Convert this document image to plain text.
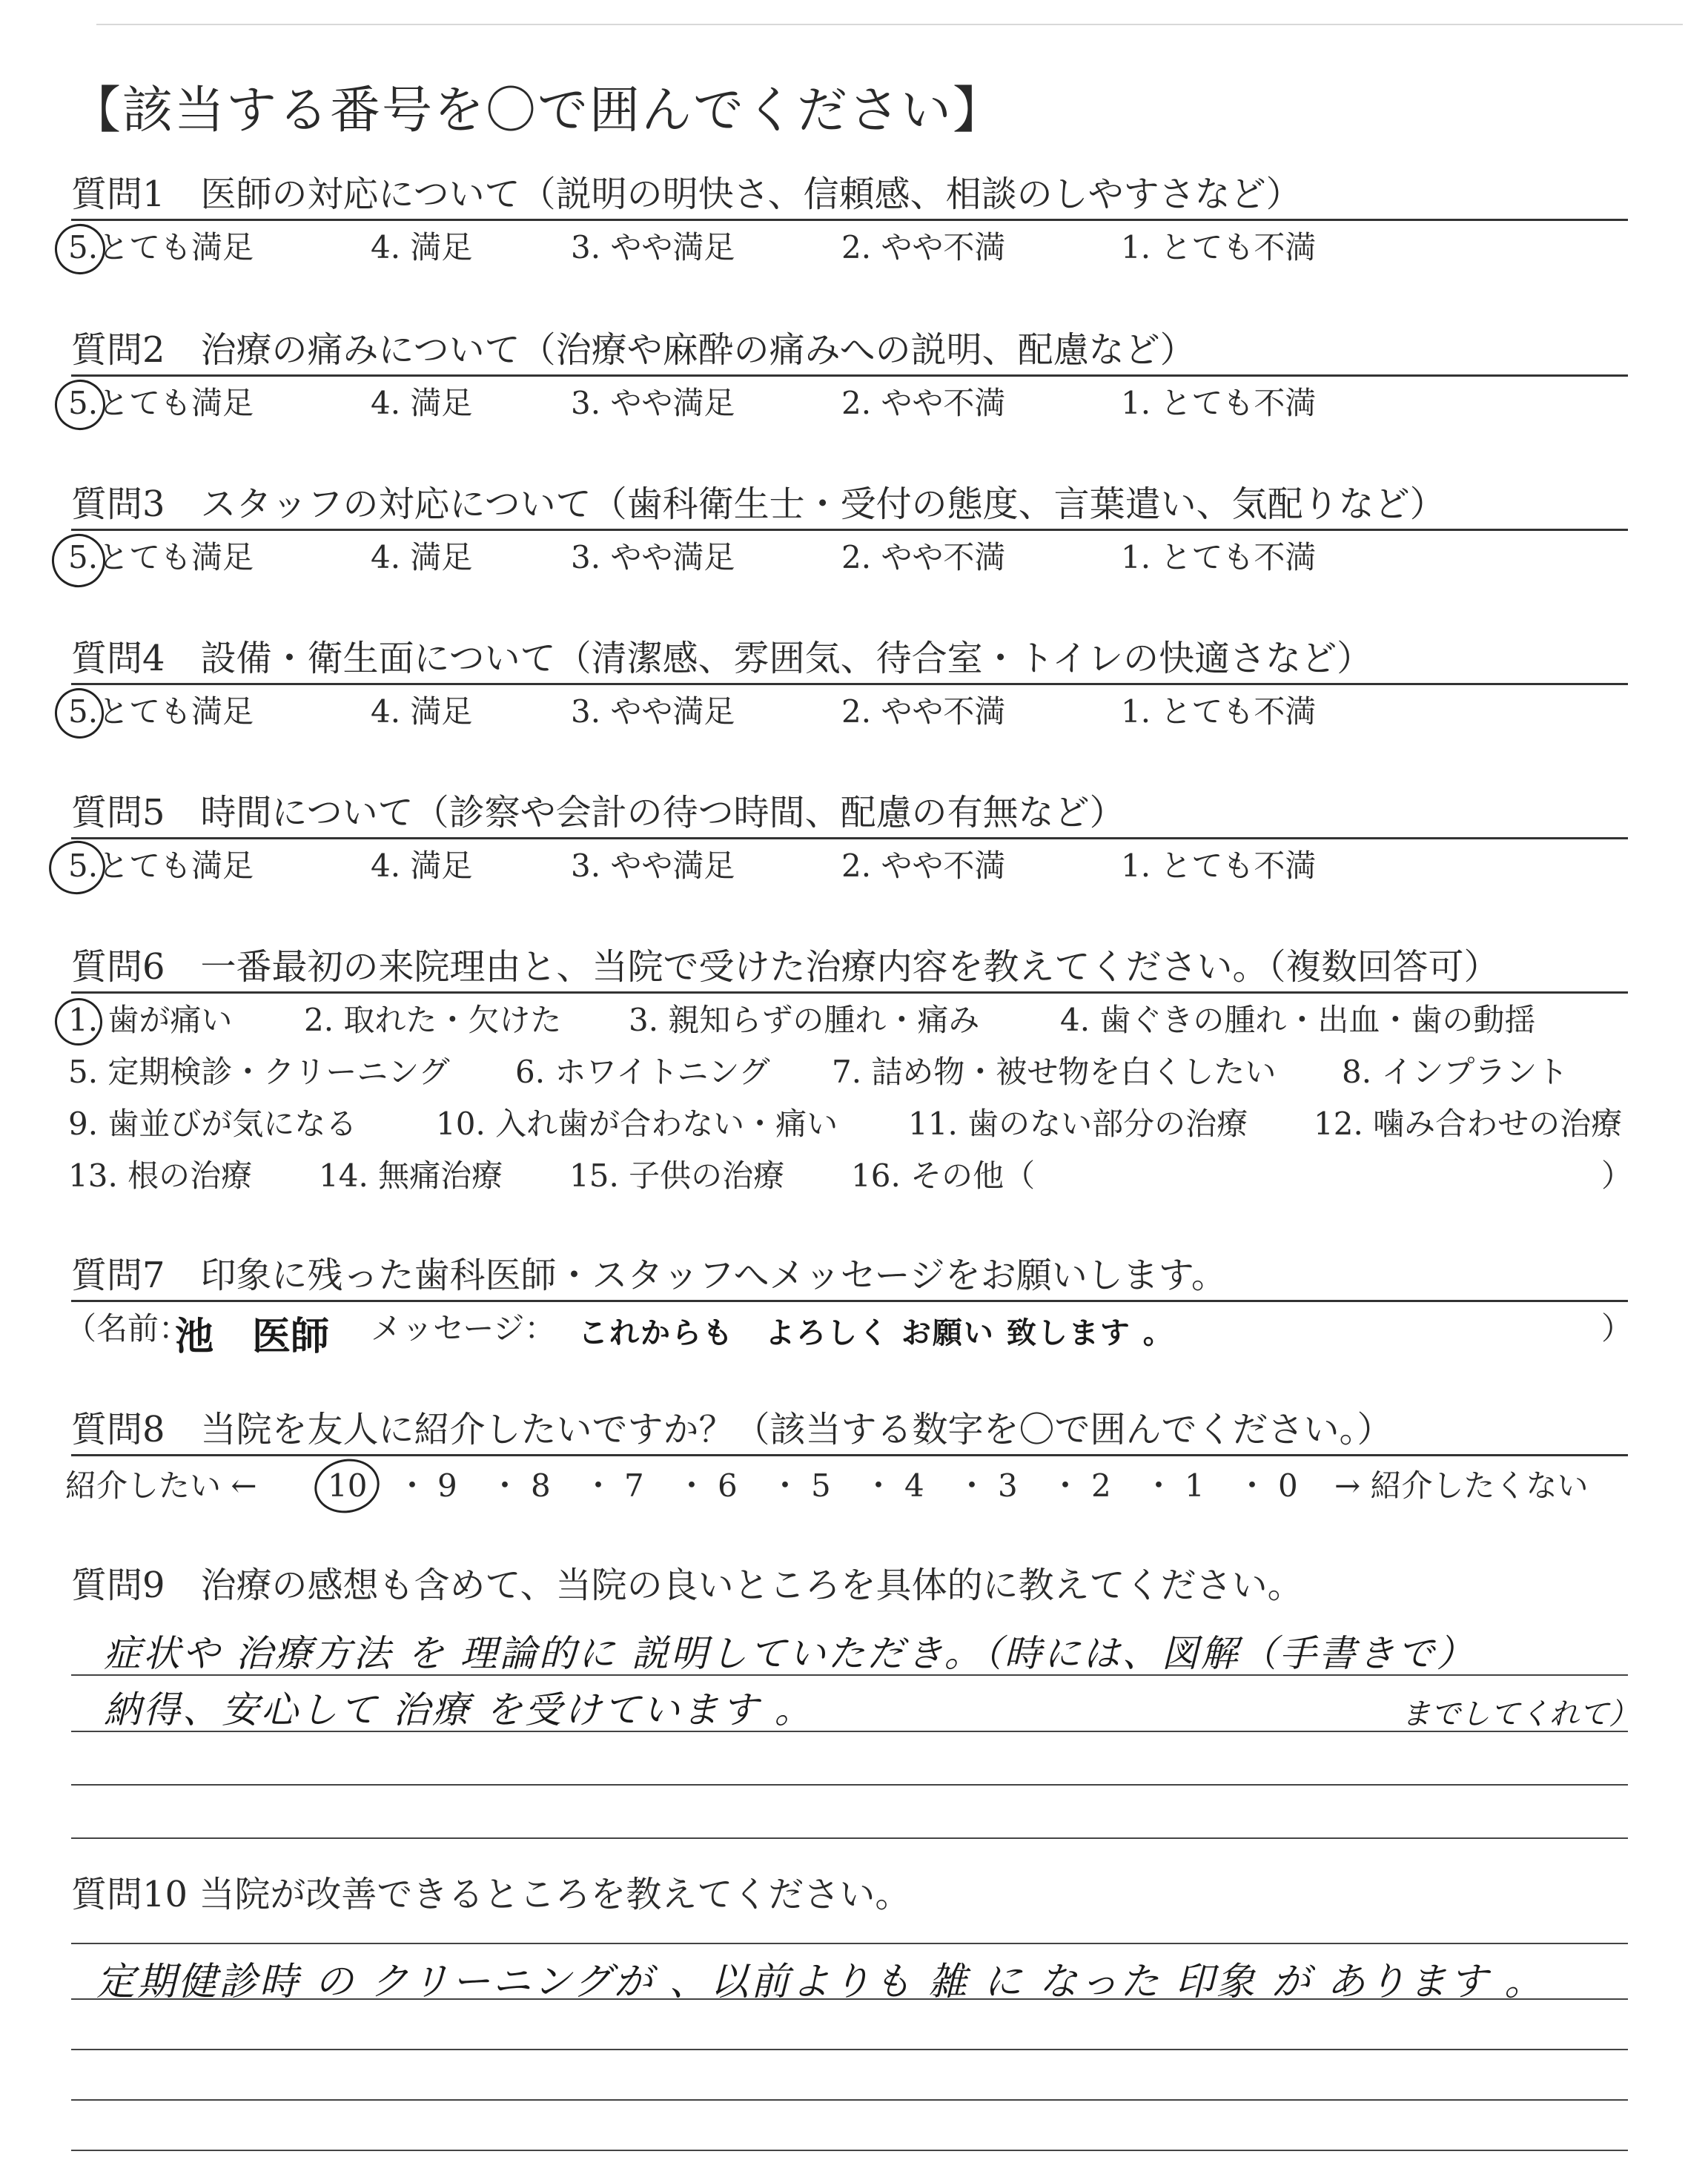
【該当する番号を〇で囲んでください】
質問1　医師の対応について（説明の明快さ、信頼感、相談のしやすさなど）
5.とても満足	4. 満足	3. やや満足	2. やや不満	1. とても不満
質問2　治療の痛みについて（治療や麻酔の痛みへの説明、配慮など）
5.とても満足	4. 満足	3. やや満足	2. やや不満	1. とても不満
質問3　スタッフの対応について（歯科衛生士・受付の態度、言葉遣い、気配りなど）
5.とても満足	4. 満足	3. やや満足	2. やや不満	1. とても不満
質問4　設備・衛生面について（清潔感、雰囲気、待合室・トイレの快適さなど）
5.とても満足	4. 満足	3. やや満足	2. やや不満	1. とても不満
質問5　時間について（診察や会計の待つ時間、配慮の有無など）
5.とても満足	4. 満足	3. やや満足	2. やや不満	1. とても不満
質問6　一番最初の来院理由と、当院で受けた治療内容を教えてください。（複数回答可）
1. 歯が痛い 2. 取れた・欠けた 3. 親知らずの腫れ・痛み	4. 歯ぐきの腫れ・出血・歯の動揺
5. 定期検診・クリーニング 6. ホワイトニング 7. 詰め物・被せ物を白くしたい 8. インプラント
9. 歯並びが気になる	10. 入れ歯が合わない・痛い 11. 歯のない部分の治療 12. 噛み合わせの治療
13. 根の治療 14. 無痛治療 15. 子供の治療 16. その他（	）
質問7　印象に残った歯科医師・スタッフへメッセージをお願いします。
（名前：
池　医師 メッセージ： これからも　よろしく お願い 致します 。	）
質問8　当院を友人に紹介したいですか？（該当する数字を〇で囲んでください。）
紹介したい ← 10 ・ 9 ・ 8 ・ 7 ・ 6 ・ 5 ・ 4 ・ 3 ・ 2 ・ 1 ・ 0 → 紹介したくない
質問9　治療の感想も含めて、当院の良いところを具体的に教えてください。
症状や 治療方法 を 理論的に 説明していただき。（時には、図解（手書きで）
納得、安心して 治療 を受けています 。	までしてくれて）
質問10 当院が改善できるところを教えてください。
定期健診時 の クリーニングが 、以前よりも 雑 に なった 印象 が あります 。
